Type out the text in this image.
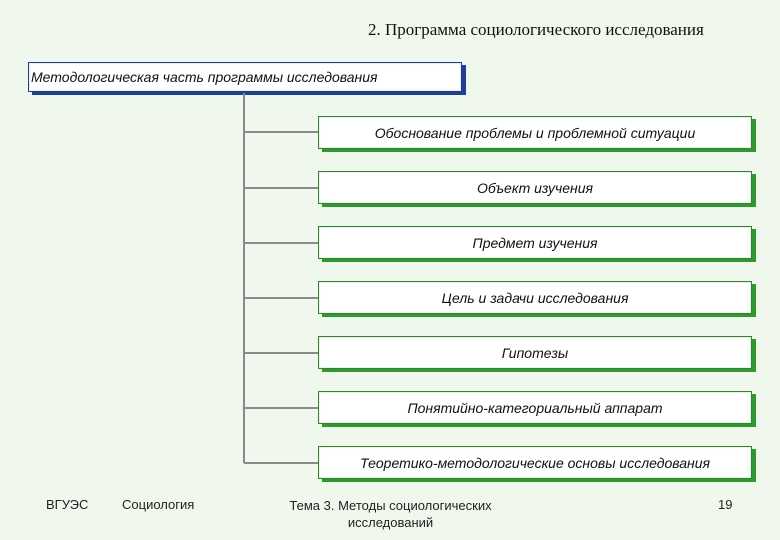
2. Программа социологического исследования
Методологическая часть программы исследования
Обоснование проблемы и проблемной ситуации
Объект изучения
Предмет изучения
Цель и задачи исследования
Гипотезы
Понятийно-категориальный аппарат
Теоретико-методологические основы исследования
ВГУЭС	Социология	Тема 3. Методы социологических исследований
19
